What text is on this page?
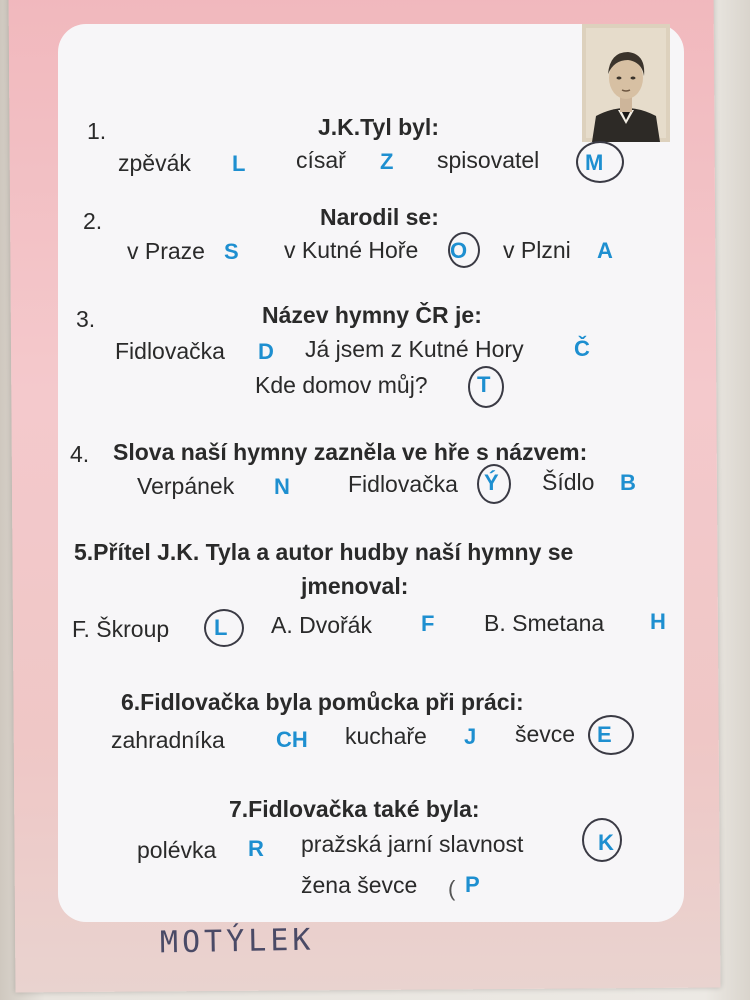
1.	J.K.Tyl byl:
zpěvák L císař Z spisovatel M
2.	Narodil se:
v Praze S v Kutné Hoře O v Plzni A
3.	Název hymny ČR je:
Fidlovačka D Já jsem z Kutné Hory Č
Kde domov můj? T
4. Slova naší hymny zazněla ve hře s názvem:
Verpánek N	Fidlovačka Ý Šídlo B
5.Přítel J.K. Tyla a autor hudby naší hymny se
jmenoval:
F. Škroup L A. Dvořák F B. Smetana H
6.Fidlovačka byla pomůcka při práci:
zahradníka CH kuchaře J ševce E
7.Fidlovačka také byla:
polévka R pražská jarní slavnost	K
žena ševce ( P
MOTÝLEK
